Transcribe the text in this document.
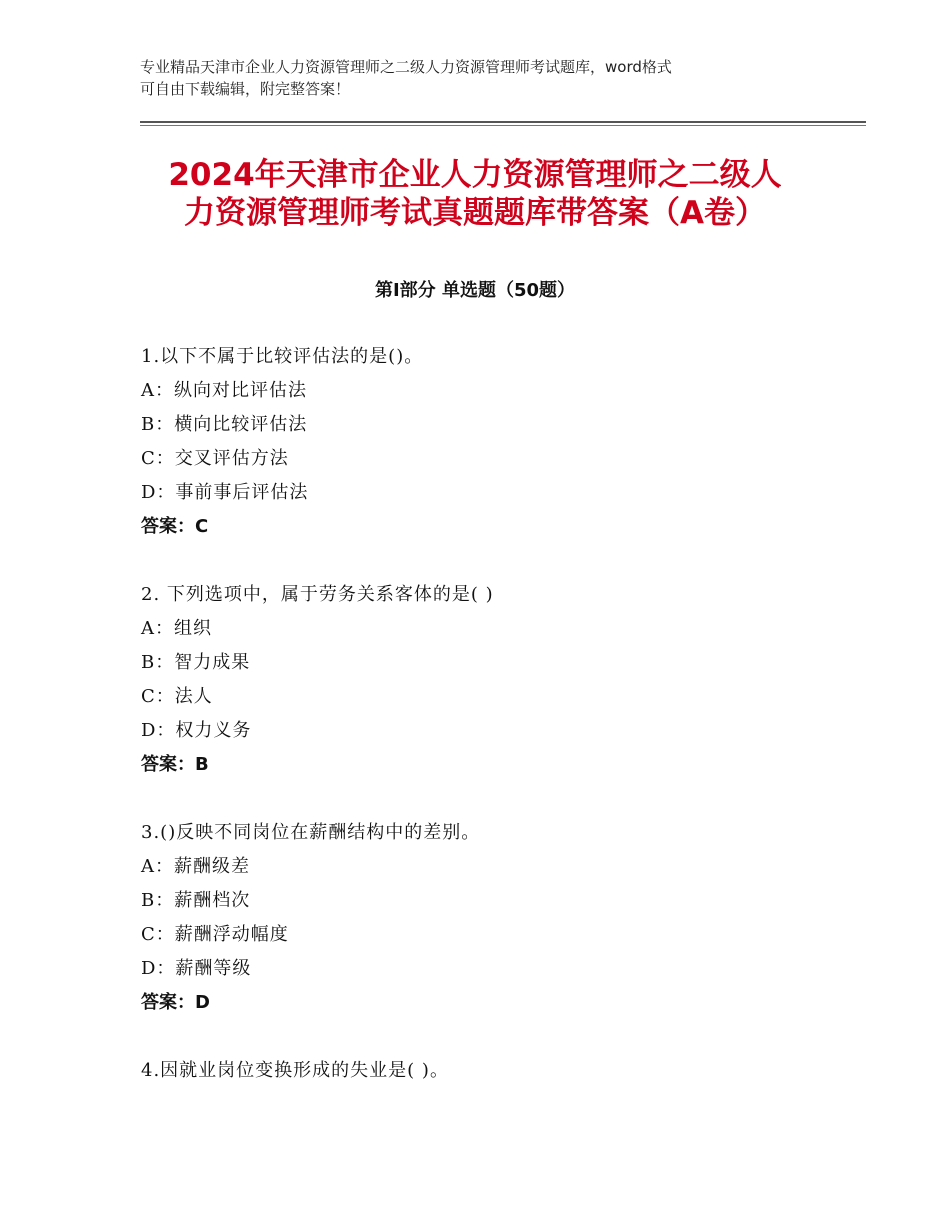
专业精品天津市企业人力资源管理师之二级人力资源管理师考试题库，word格式
可自由下载编辑，附完整答案！
2024年天津市企业人力资源管理师之二级人
力资源管理师考试真题题库带答案（A卷）
第Ⅰ部分 单选题（50题）
1.以下不属于比较评估法的是()。
A：纵向对比评估法
B：横向比较评估法
C：交叉评估方法
D：事前事后评估法
答案：C
2. 下列选项中，属于劳务关系客体的是( )
A：组织
B：智力成果
C：法人
D：权力义务
答案：B
3.()反映不同岗位在薪酬结构中的差别。
A：薪酬级差
B：薪酬档次
C：薪酬浮动幅度
D：薪酬等级
答案：D
4.因就业岗位变换形成的失业是( )。
